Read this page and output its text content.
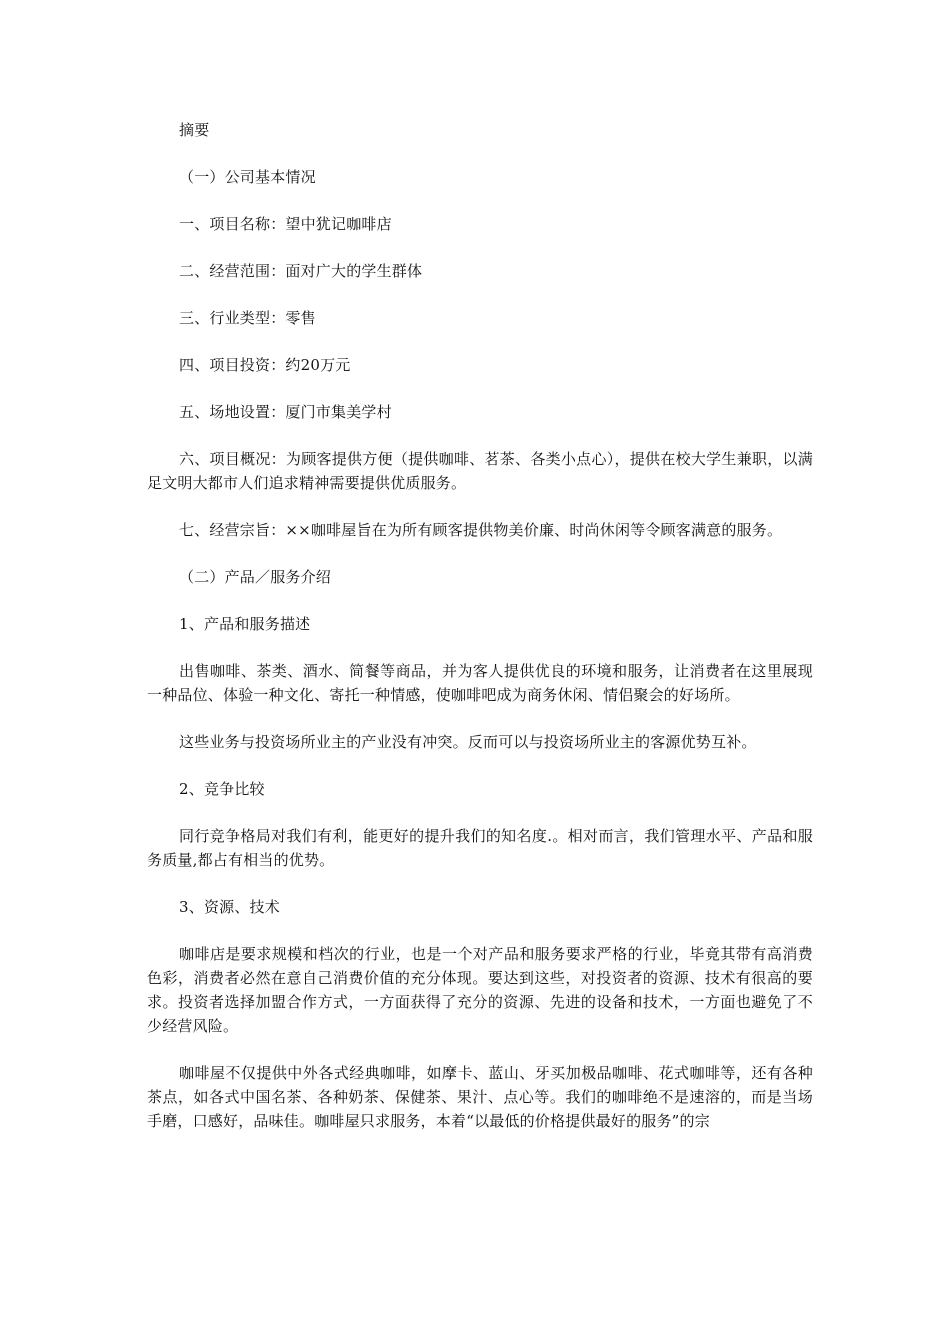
摘要

（一）公司基本情况

一、项目名称：望中犹记咖啡店

二、经营范围：面对广大的学生群体

三、行业类型：零售

四、项目投资：约20万元

五、场地设置：厦门市集美学村

六、项目概况：为顾客提供方便（提供咖啡、茗茶、各类小点心），提供在校大学生兼职，以满足文明大都市人们追求精神需要提供优质服务。

七、经营宗旨：××咖啡屋旨在为所有顾客提供物美价廉、时尚休闲等令顾客满意的服务。

（二）产品／服务介绍

1、产品和服务描述

出售咖啡、茶类、酒水、简餐等商品，并为客人提供优良的环境和服务，让消费者在这里展现一种品位、体验一种文化、寄托一种情感，使咖啡吧成为商务休闲、情侣聚会的好场所。

这些业务与投资场所业主的产业没有冲突。反而可以与投资场所业主的客源优势互补。

2、竞争比较

同行竞争格局对我们有利，能更好的提升我们的知名度.。相对而言，我们管理水平、产品和服务质量,都占有相当的优势。

3、资源、技术

咖啡店是要求规模和档次的行业，也是一个对产品和服务要求严格的行业，毕竟其带有高消费色彩，消费者必然在意自己消费价值的充分体现。要达到这些，对投资者的资源、技术有很高的要求。投资者选择加盟合作方式，一方面获得了充分的资源、先进的设备和技术，一方面也避免了不少经营风险。

咖啡屋不仅提供中外各式经典咖啡，如摩卡、蓝山、牙买加极品咖啡、花式咖啡等，还有各种茶点，如各式中国名茶、各种奶茶、保健茶、果汁、点心等。我们的咖啡绝不是速溶的，而是当场手磨，口感好，品味佳。咖啡屋只求服务，本着“以最低的价格提供最好的服务”的宗
